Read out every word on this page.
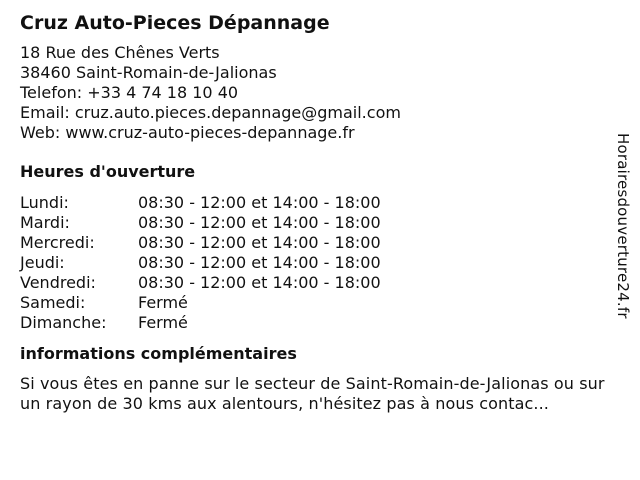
Cruz Auto-Pieces Dépannage
18 Rue des Chênes Verts
38460 Saint-Romain-de-Jalionas
Telefon: +33 4 74 18 10 40
Email: cruz.auto.pieces.depannage@gmail.com
Web: www.cruz-auto-pieces-depannage.fr
Heures d'ouverture
Lundi:	08:30 - 12:00 et 14:00 - 18:00
Mardi:	08:30 - 12:00 et 14:00 - 18:00
Mercredi:	08:30 - 12:00 et 14:00 - 18:00
Jeudi:	08:30 - 12:00 et 14:00 - 18:00
Vendredi:	08:30 - 12:00 et 14:00 - 18:00
Samedi:	Fermé
Dimanche:	Fermé
informations complémentaires
Si vous êtes en panne sur le secteur de Saint-Romain-de-Jalionas ou sur un rayon de 30 kms aux alentours, n'hésitez pas à nous contac...
Horairesdouverture24.fr
